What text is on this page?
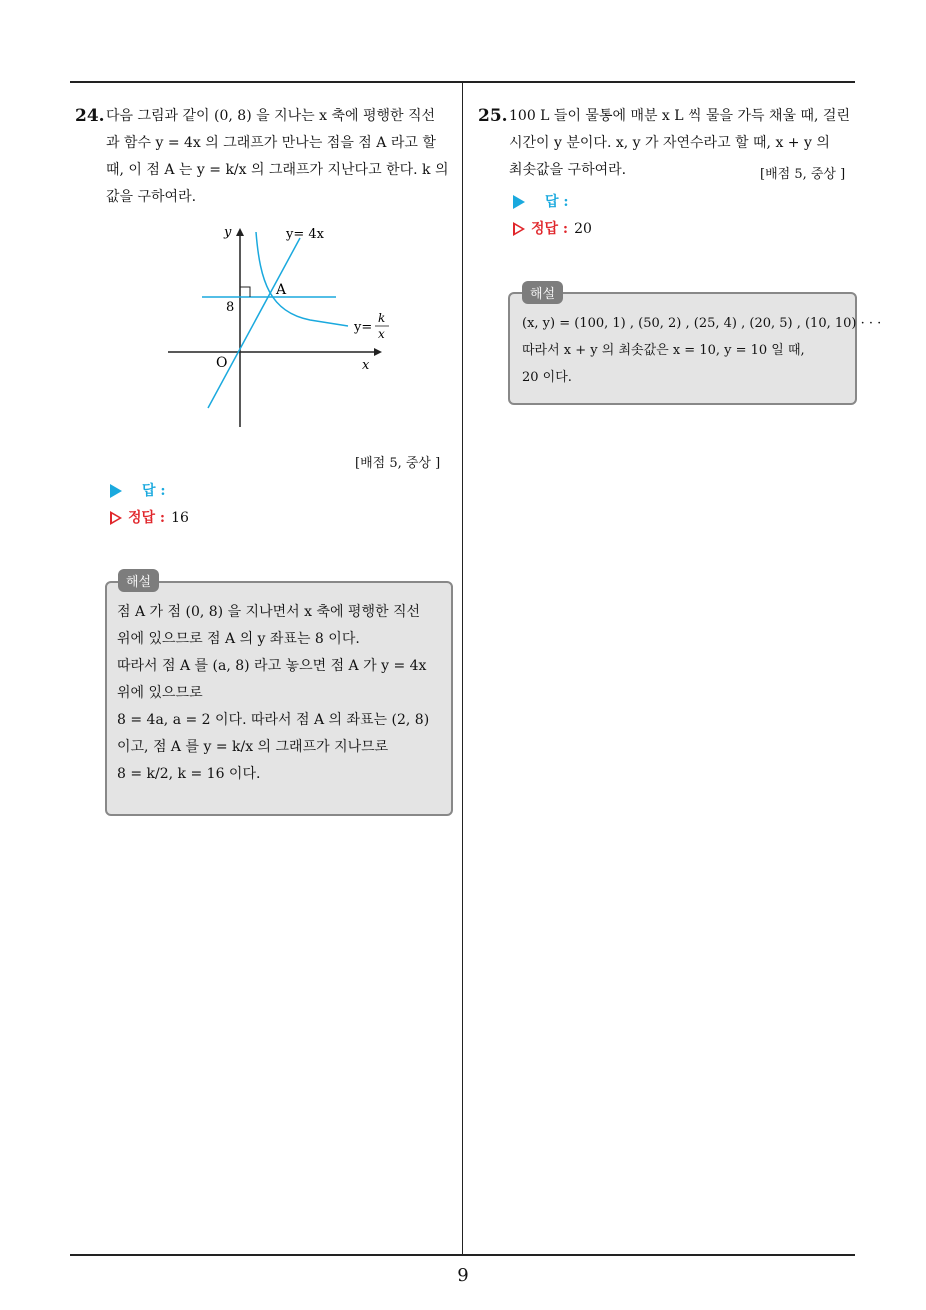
24. 다음 그림과 같이 (0, 8) 을 지나는 x 축에 평행한 직선
과 함수 y = 4x 의 그래프가 만나는 점을 점 A 라고 할
때, 이 점 A 는 y = k/x 의 그래프가 지난다고 한다. k 의
값을 구하여라.
y
x
y= 4x
A
8
O
y=
k
x
[배점 5, 중상 ]
답 :
정답 : 16
점 A 가 점 (0, 8) 을 지나면서 x 축에 평행한 직선
위에 있으므로 점 A 의 y 좌표는 8 이다.
따라서 점 A 를 (a, 8) 라고 놓으면 점 A 가 y = 4x
위에 있으므로
8 = 4a, a = 2 이다. 따라서 점 A 의 좌표는 (2, 8)
이고, 점 A 를 y = k/x 의 그래프가 지나므로
8 = k/2, k = 16 이다.
해설
25. 100 L 들이 물통에 매분 x L 씩 물을 가득 채울 때, 걸린
시간이 y 분이다. x, y 가 자연수라고 할 때, x + y 의
최솟값을 구하여라.	[배점 5, 중상 ]
답 :
정답 : 20
(x, y) = (100, 1) , (50, 2) , (25, 4) , (20, 5) , (10, 10) · · ·
따라서 x + y 의 최솟값은 x = 10, y = 10 일 때,
20 이다.
해설
9
